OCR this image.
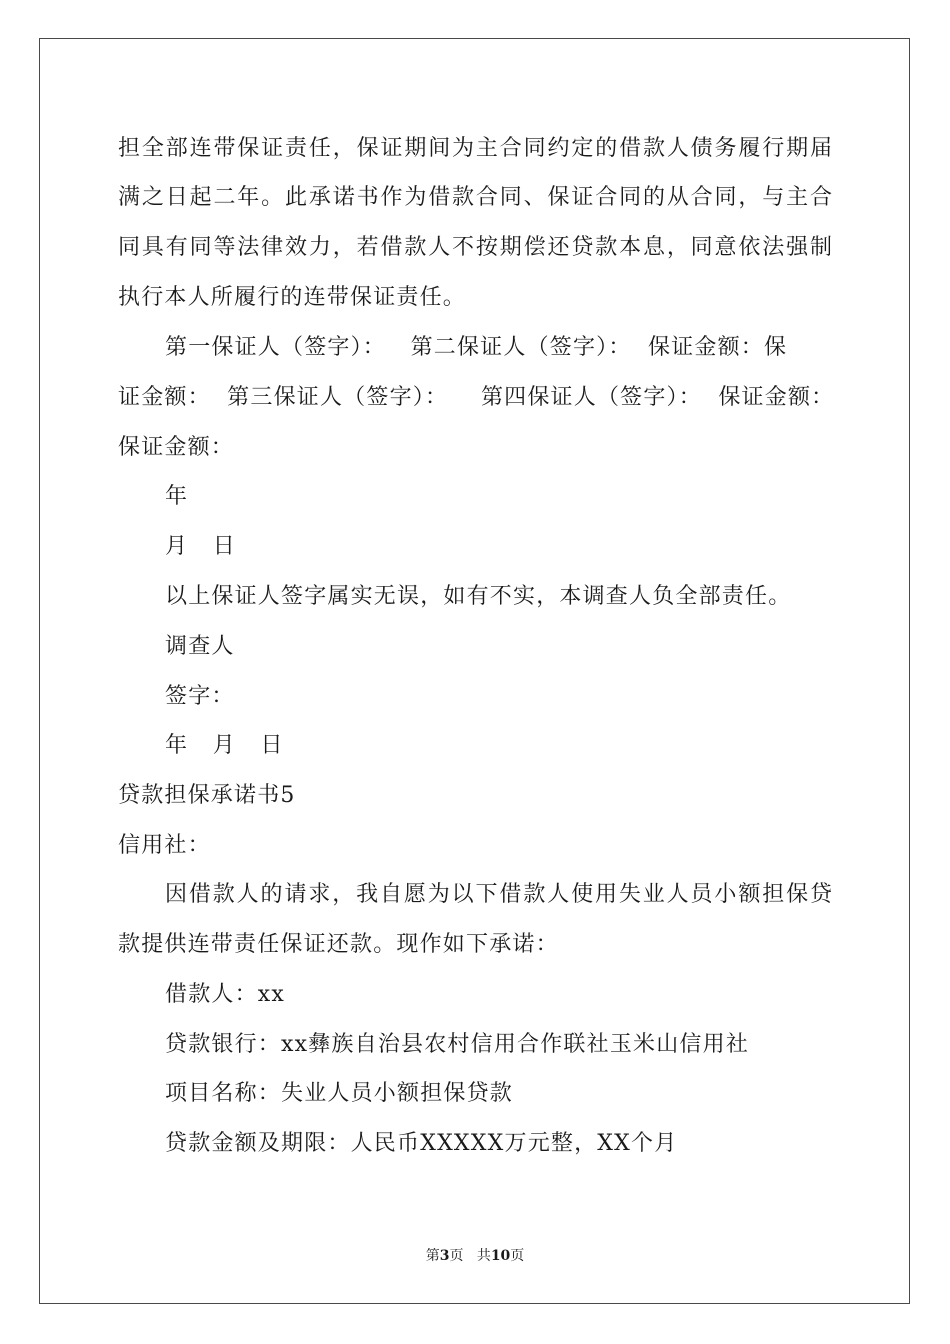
担全部连带保证责任，保证期间为主合同约定的借款人债务履行期届
满之日起二年。此承诺书作为借款合同、保证合同的从合同，与主合
同具有同等法律效力，若借款人不按期偿还贷款本息，同意依法强制
执行本人所履行的连带保证责任。
第一保证人（签字）：   第二保证人（签字）：  保证金额：保
证金额：  第三保证人（签字）：    第四保证人（签字）：  保证金额：
保证金额：
年
月   日
以上保证人签字属实无误，如有不实，本调查人负全部责任。
调查人
签字：
年   月   日
贷款担保承诺书5
信用社：
因借款人的请求，我自愿为以下借款人使用失业人员小额担保贷
款提供连带责任保证还款。现作如下承诺：
借款人：xx
贷款银行：xx彝族自治县农村信用合作联社玉米山信用社
项目名称：失业人员小额担保贷款
贷款金额及期限：人民币XXXXX万元整，XX个月
第3页 共10页
